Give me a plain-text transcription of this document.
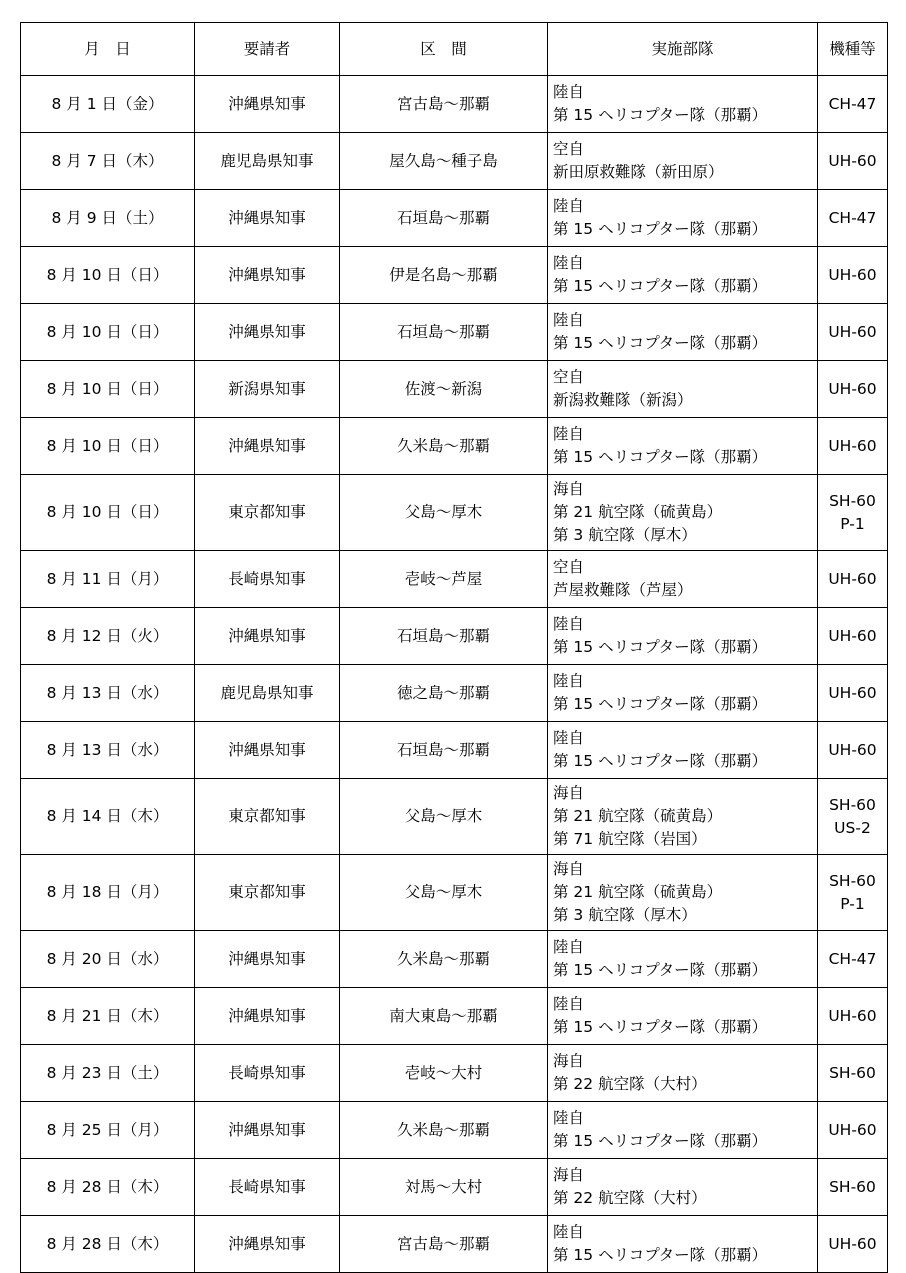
月　日	要請者	区　間	実施部隊	機種等
8 月 1 日（金）	沖縄県知事	宮古島～那覇	陸自
第 15 ヘリコプター隊（那覇）	CH-47

8 月 7 日（木）	鹿児島県知事	屋久島～種子島	空自
新田原救難隊（新田原）	UH-60

8 月 9 日（土）	沖縄県知事	石垣島～那覇	陸自
第 15 ヘリコプター隊（那覇）	CH-47

8 月 10 日（日）	沖縄県知事	伊是名島～那覇	陸自
第 15 ヘリコプター隊（那覇）	UH-60

8 月 10 日（日）	沖縄県知事	石垣島～那覇	陸自
第 15 ヘリコプター隊（那覇）	UH-60

8 月 10 日（日）	新潟県知事	佐渡～新潟	空自
新潟救難隊（新潟）	UH-60

8 月 10 日（日）	沖縄県知事	久米島～那覇	陸自
第 15 ヘリコプター隊（那覇）	UH-60

8 月 10 日（日）	東京都知事	父島～厚木	海自
第 21 航空隊（硫黄島）
第 3 航空隊（厚木）	SH-60
P-1

8 月 11 日（月）	長崎県知事	壱岐～芦屋	空自
芦屋救難隊（芦屋）	UH-60

8 月 12 日（火）	沖縄県知事	石垣島～那覇	陸自
第 15 ヘリコプター隊（那覇）	UH-60

8 月 13 日（水）	鹿児島県知事	徳之島～那覇	陸自
第 15 ヘリコプター隊（那覇）	UH-60

8 月 13 日（水）	沖縄県知事	石垣島～那覇	陸自
第 15 ヘリコプター隊（那覇）	UH-60

8 月 14 日（木）	東京都知事	父島～厚木	海自
第 21 航空隊（硫黄島）
第 71 航空隊（岩国）	SH-60
US-2

8 月 18 日（月）	東京都知事	父島～厚木	海自
第 21 航空隊（硫黄島）
第 3 航空隊（厚木）	SH-60
P-1

8 月 20 日（水）	沖縄県知事	久米島～那覇	陸自
第 15 ヘリコプター隊（那覇）	CH-47

8 月 21 日（木）	沖縄県知事	南大東島～那覇	陸自
第 15 ヘリコプター隊（那覇）	UH-60

8 月 23 日（土）	長崎県知事	壱岐～大村	海自
第 22 航空隊（大村）	SH-60

8 月 25 日（月）	沖縄県知事	久米島～那覇	陸自
第 15 ヘリコプター隊（那覇）	UH-60

8 月 28 日（木）	長崎県知事	対馬～大村	海自
第 22 航空隊（大村）	SH-60

8 月 28 日（木）	沖縄県知事	宮古島～那覇	陸自
第 15 ヘリコプター隊（那覇）	UH-60
